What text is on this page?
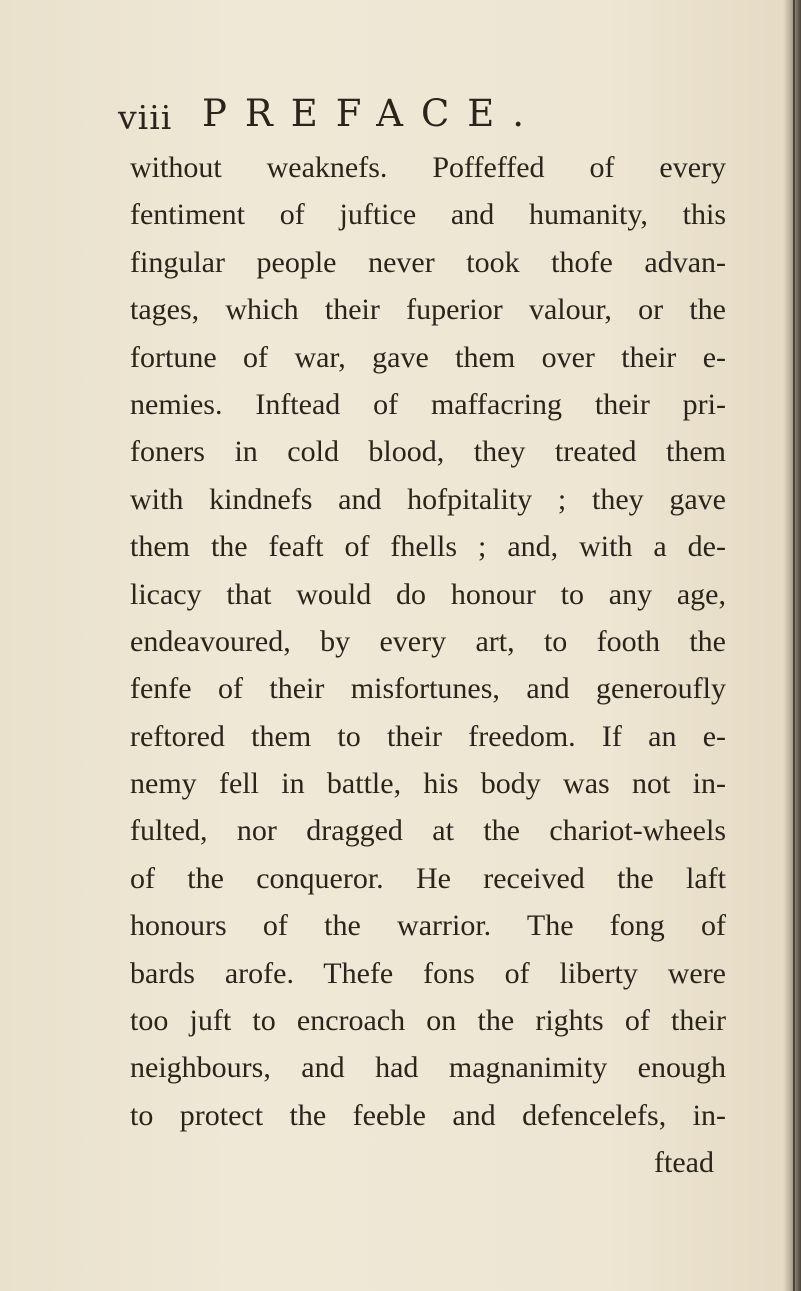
viii PREFACE.
without weaknefs. Poffeffed of every
fentiment of juftice and humanity, this
fingular people never took thofe advan-
tages, which their fuperior valour, or the
fortune of war, gave them over their e-
nemies. Inftead of maffacring their pri-
foners in cold blood, they treated them
with kindnefs and hofpitality ; they gave
them the feaft of fhells ; and, with a de-
licacy that would do honour to any age,
endeavoured, by every art, to footh the
fenfe of their misfortunes, and generoufly
reftored them to their freedom. If an e-
nemy fell in battle, his body was not in-
fulted, nor dragged at the chariot-wheels
of the conqueror. He received the laft
honours of the warrior. The fong of
bards arofe. Thefe fons of liberty were
too juft to encroach on the rights of their
neighbours, and had magnanimity enough
to protect the feeble and defencelefs, in-
ftead
